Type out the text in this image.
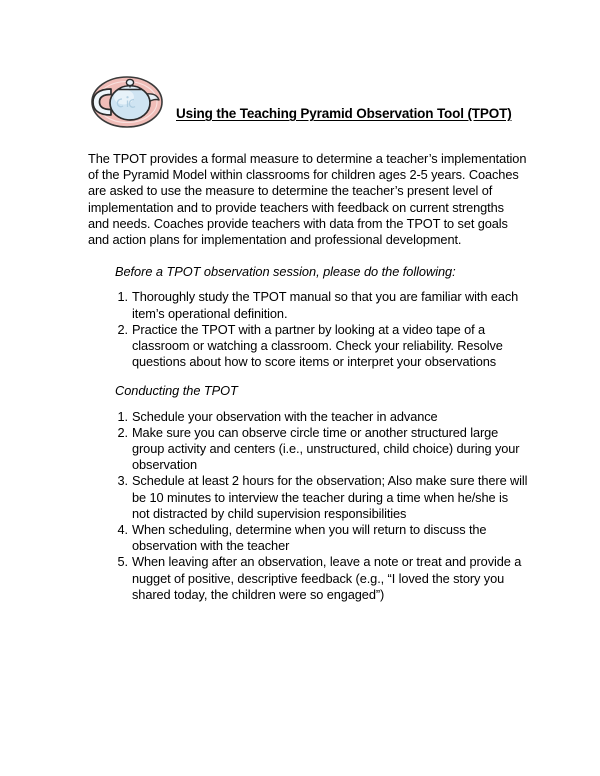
Using the Teaching Pyramid Observation Tool (TPOT)

The TPOT provides a formal measure to determine a teacher’s implementation of the Pyramid Model within classrooms for children ages 2-5 years. Coaches are asked to use the measure to determine the teacher’s present level of implementation and to provide teachers with feedback on current strengths and needs. Coaches provide teachers with data from the TPOT to set goals and action plans for implementation and professional development.

Before a TPOT observation session, please do the following:

1. Thoroughly study the TPOT manual so that you are familiar with each item’s operational definition.
2. Practice the TPOT with a partner by looking at a video tape of a classroom or watching a classroom. Check your reliability. Resolve questions about how to score items or interpret your observations

Conducting the TPOT

1. Schedule your observation with the teacher in advance
2. Make sure you can observe circle time or another structured large group activity and centers (i.e., unstructured, child choice) during your observation
3. Schedule at least 2 hours for the observation; Also make sure there will be 10 minutes to interview the teacher during a time when he/she is not distracted by child supervision responsibilities
4. When scheduling, determine when you will return to discuss the observation with the teacher
5. When leaving after an observation, leave a note or treat and provide a nugget of positive, descriptive feedback (e.g., “I loved the story you shared today, the children were so engaged”)
